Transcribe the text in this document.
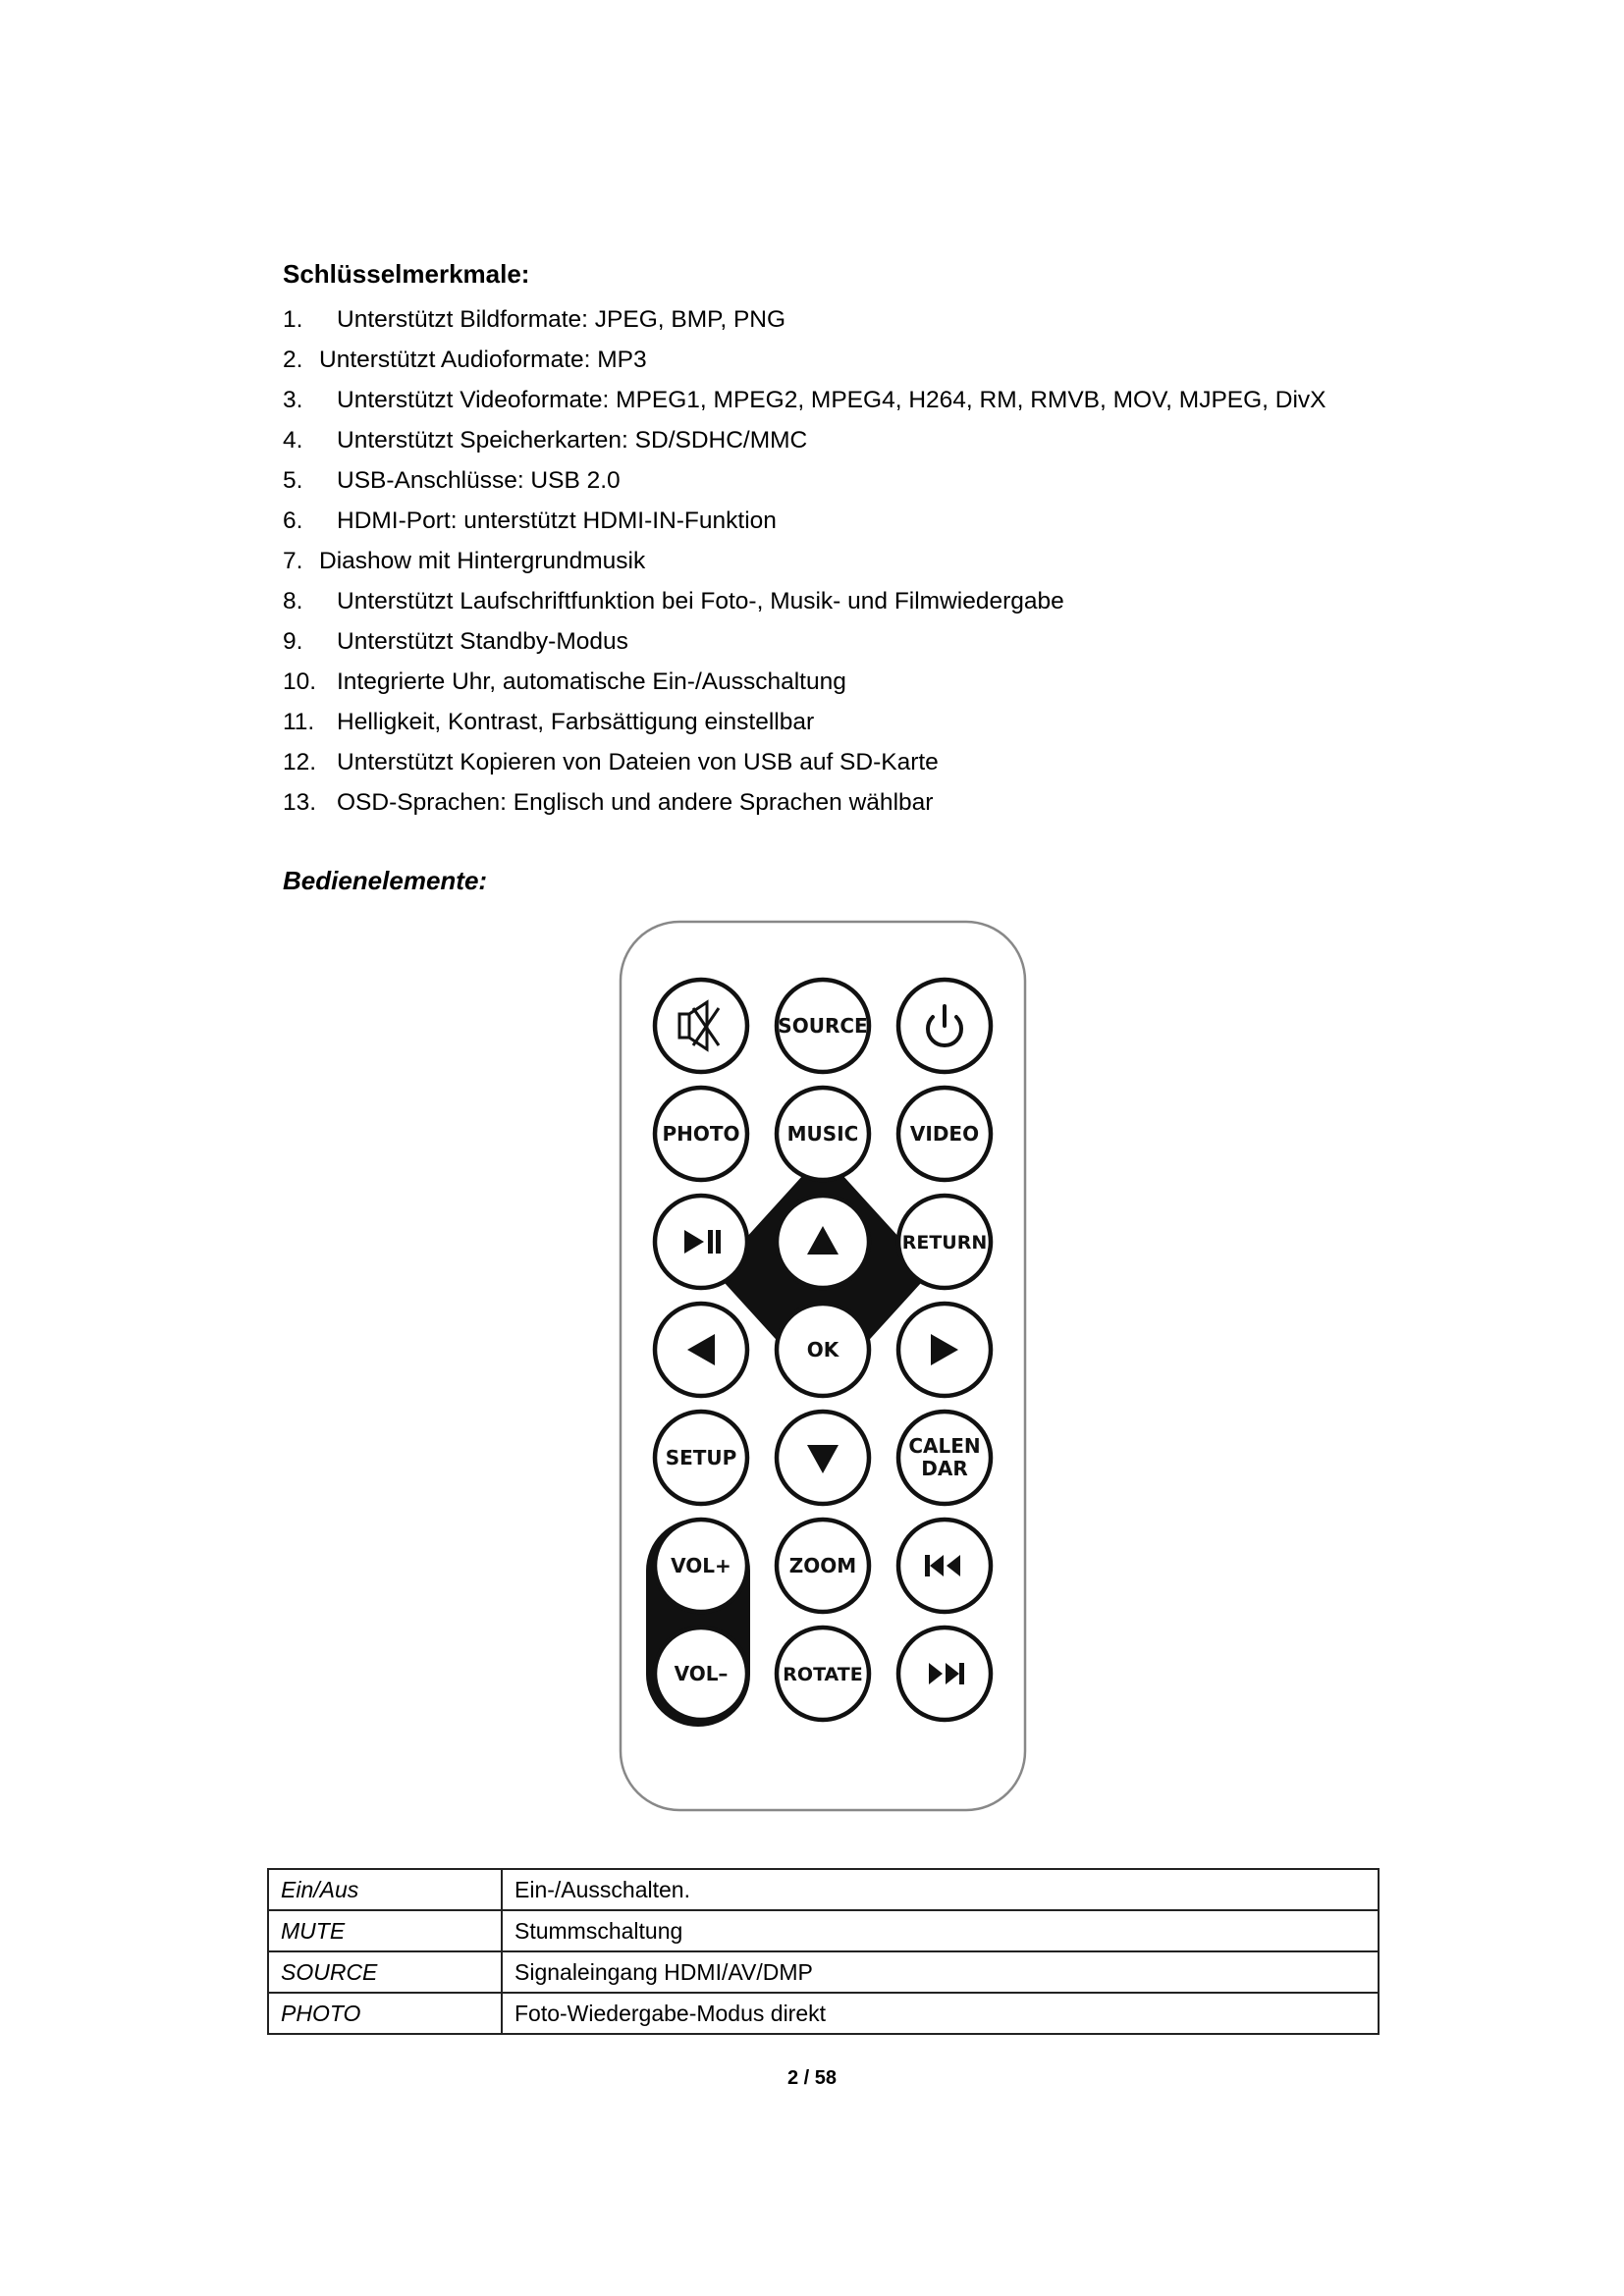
Schlüsselmerkmale:
1. Unterstützt Bildformate: JPEG, BMP, PNG
2. Unterstützt Audioformate: MP3
3. Unterstützt Videoformate: MPEG1, MPEG2, MPEG4, H264, RM, RMVB, MOV, MJPEG, DivX
4. Unterstützt Speicherkarten: SD/SDHC/MMC
5. USB-Anschlüsse: USB 2.0
6. HDMI-Port: unterstützt HDMI-IN-Funktion
7. Diashow mit Hintergrundmusik
8. Unterstützt Laufschriftfunktion bei Foto-, Musik- und Filmwiedergabe
9. Unterstützt Standby-Modus
10. Integrierte Uhr, automatische Ein-/Ausschaltung
11. Helligkeit, Kontrast, Farbsättigung einstellbar
12. Unterstützt Kopieren von Dateien von USB auf SD-Karte
13. OSD-Sprachen: Englisch und andere Sprachen wählbar
Bedienelemente:
SOURCE
PHOTO MUSIC	VIDEO
RETURN
OK
SETUP	CALEN
DAR
VOL+	ZOOM
VOL–	ROTATE
Ein/Aus	Ein-/Ausschalten.
MUTE	Stummschaltung
SOURCE	Signaleingang HDMI/AV/DMP
PHOTO	Foto-Wiedergabe-Modus direkt
2 / 58
